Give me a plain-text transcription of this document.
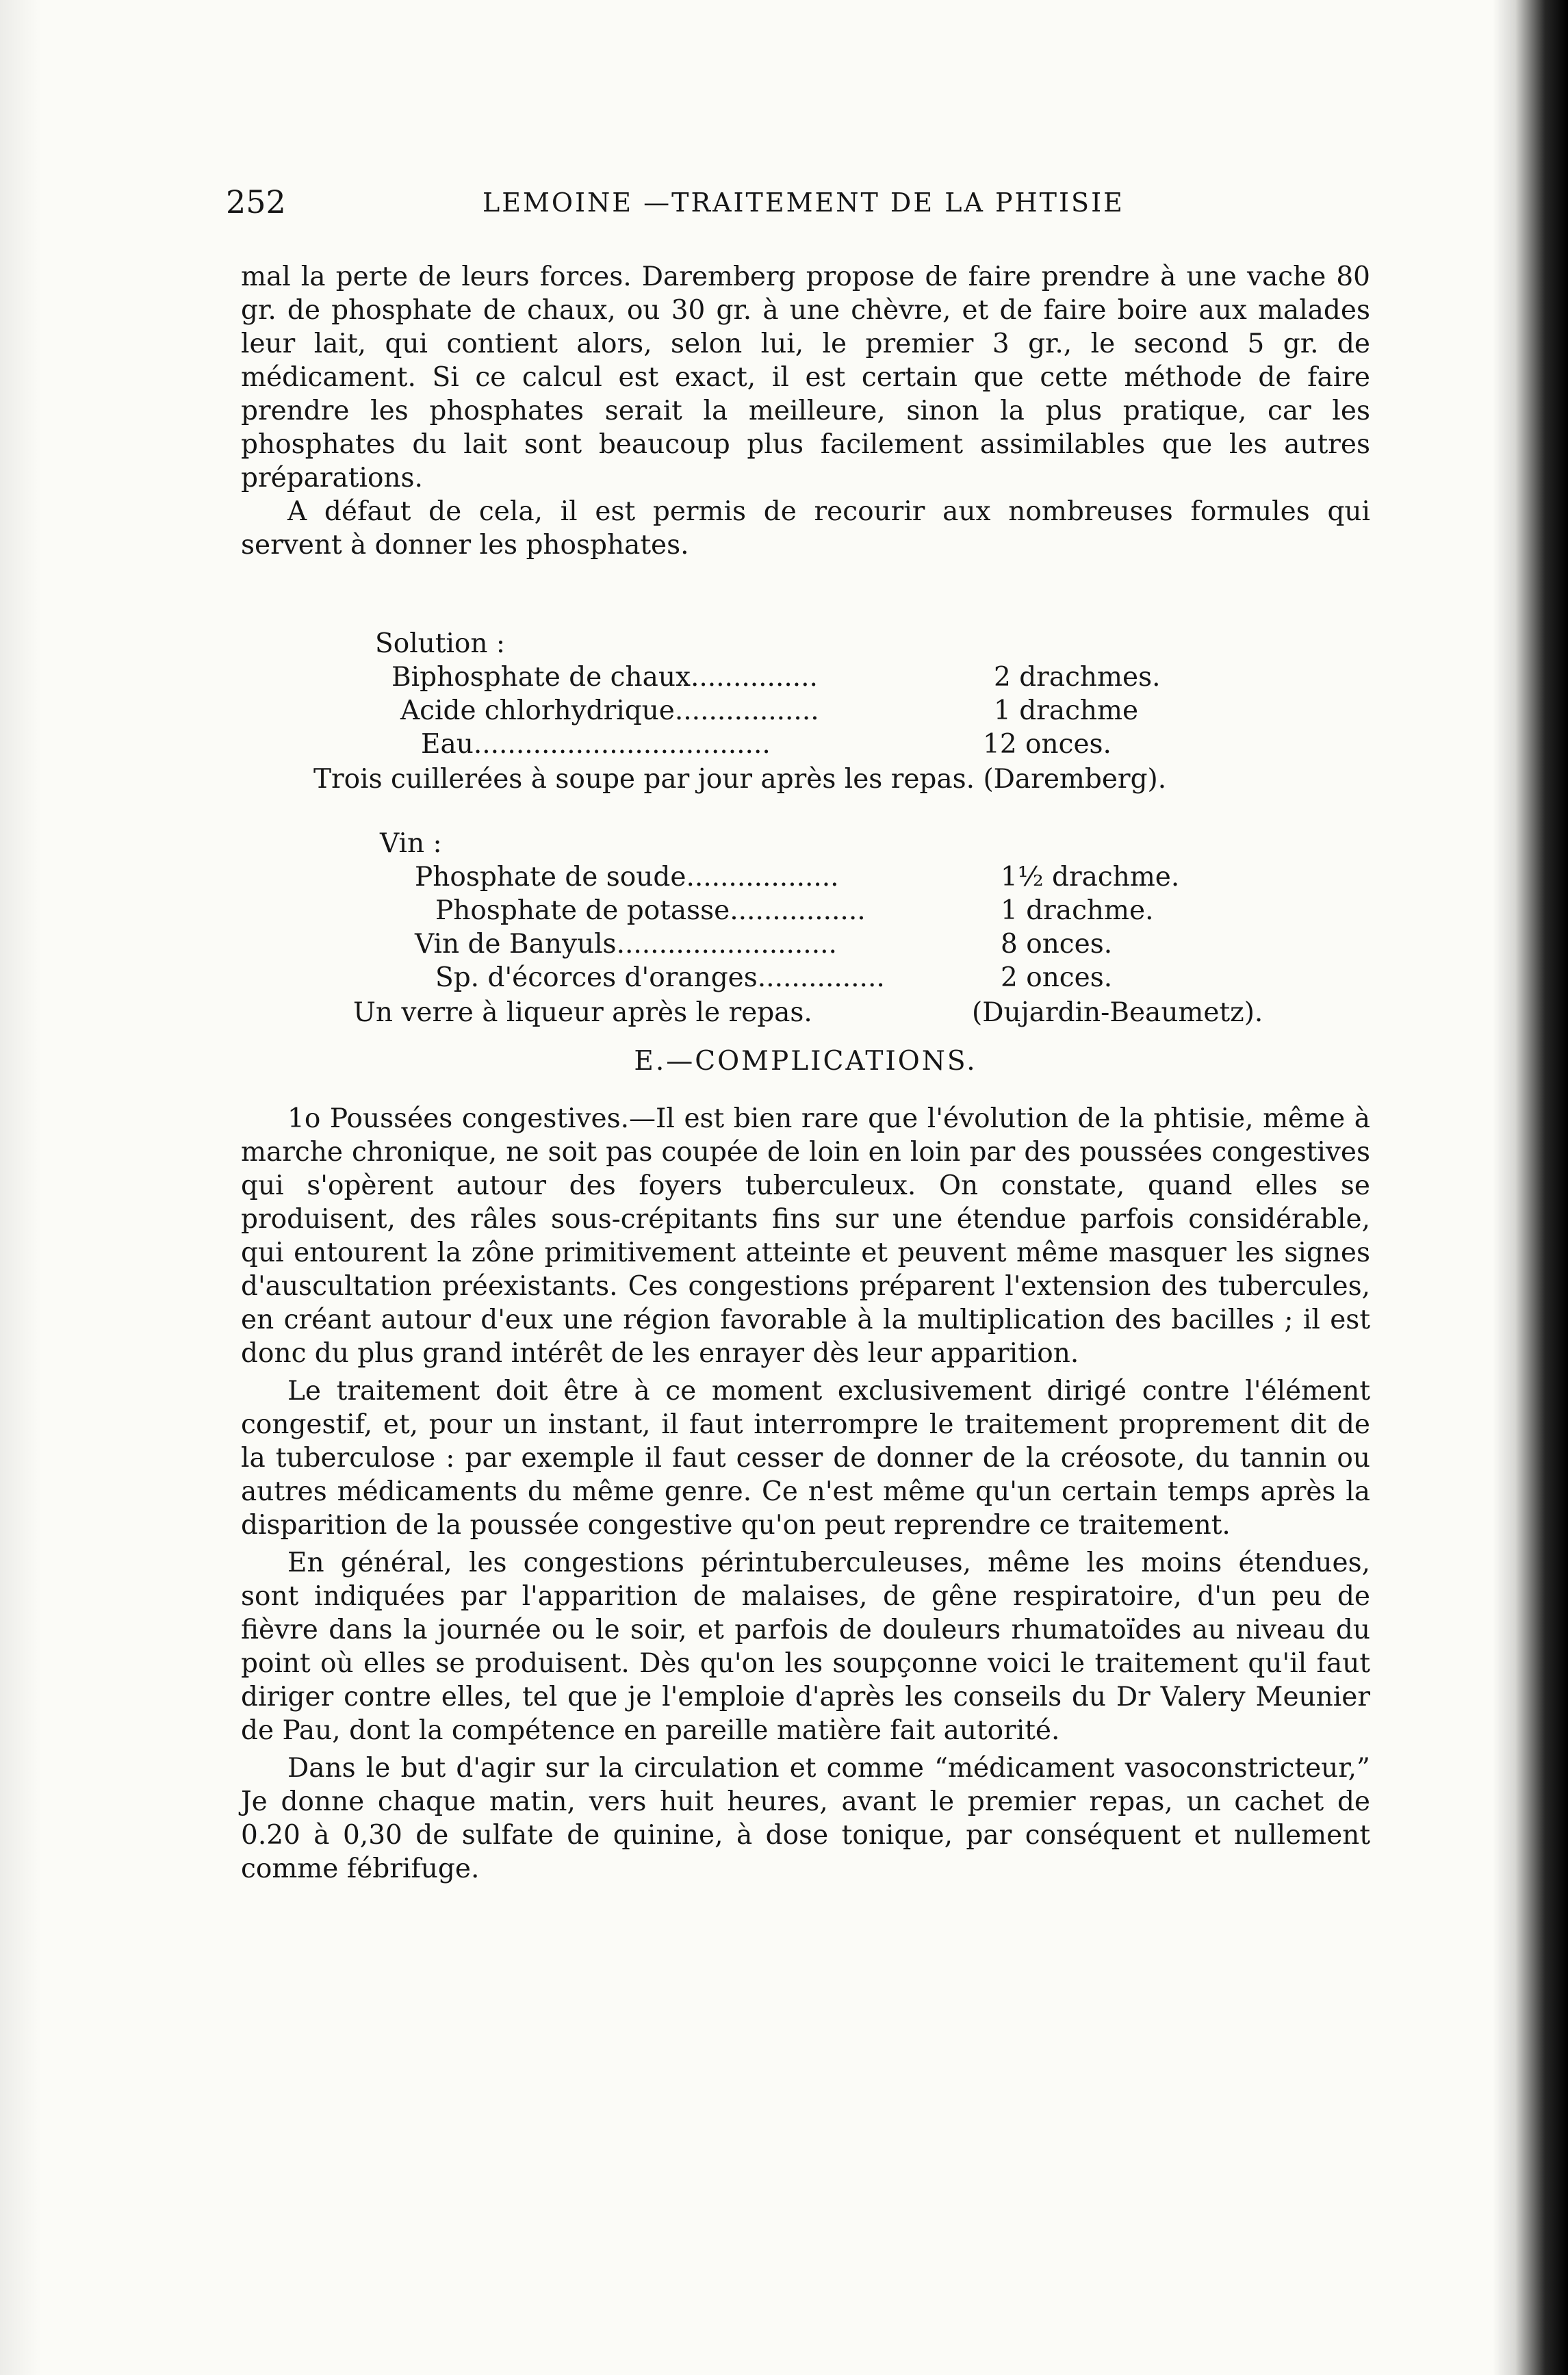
252	LEMOINE —TRAITEMENT DE LA PHTISIE

mal la perte de leurs forces. Daremberg propose de faire prendre à une vache 80 gr. de phosphate de chaux, ou 30 gr. à une chèvre, et de faire boire aux malades leur lait, qui contient alors, selon lui, le premier 3 gr., le second 5 gr. de médicament. Si ce calcul est exact, il est certain que cette méthode de faire prendre les phosphates serait la meilleure, sinon la plus pratique, car les phosphates du lait sont beaucoup plus facilement assimilables que les autres préparations.

A défaut de cela, il est permis de recourir aux nombreuses formules qui servent à donner les phosphates.

Solution :
Biphosphate de chaux...............	2 drachmes.
Acide chlorhydrique.................	1 drachme
Eau...................................	12 onces.
Trois cuillerées à soupe par jour après les repas. (Daremberg).
Vin :
Phosphate de soude..................	1½ drachme.
Phosphate de potasse................	1 drachme.
Vin de Banyuls..........................	8 onces.
Sp. d'écorces d'oranges...............	2 onces.
Un verre à liqueur après le repas.	(Dujardin-Beaumetz).
E.—COMPLICATIONS.

1o Poussées congestives.—Il est bien rare que l'évolution de la phtisie, même à marche chronique, ne soit pas coupée de loin en loin par des poussées congestives qui s'opèrent autour des foyers tuberculeux. On constate, quand elles se produisent, des râles sous-crépitants fins sur une étendue parfois considérable, qui entourent la zône primitivement atteinte et peuvent même masquer les signes d'auscultation préexistants. Ces congestions préparent l'extension des tubercules, en créant autour d'eux une région favorable à la multiplication des bacilles ; il est donc du plus grand intérêt de les enrayer dès leur apparition.

Le traitement doit être à ce moment exclusivement dirigé contre l'élément congestif, et, pour un instant, il faut interrompre le traitement proprement dit de la tuberculose : par exemple il faut cesser de donner de la créosote, du tannin ou autres médicaments du même genre. Ce n'est même qu'un certain temps après la disparition de la poussée congestive qu'on peut reprendre ce traitement.

En général, les congestions périntuberculeuses, même les moins étendues, sont indiquées par l'apparition de malaises, de gêne respiratoire, d'un peu de fièvre dans la journée ou le soir, et parfois de douleurs rhumatoïdes au niveau du point où elles se produisent. Dès qu'on les soupçonne voici le traitement qu'il faut diriger contre elles, tel que je l'emploie d'après les conseils du Dr Valery Meunier de Pau, dont la compétence en pareille matière fait autorité.

Dans le but d'agir sur la circulation et comme “médicament vasoconstricteur,” Je donne chaque matin, vers huit heures, avant le premier repas, un cachet de 0.20 à 0,30 de sulfate de quinine, à dose tonique, par conséquent et nullement comme fébrifuge.
